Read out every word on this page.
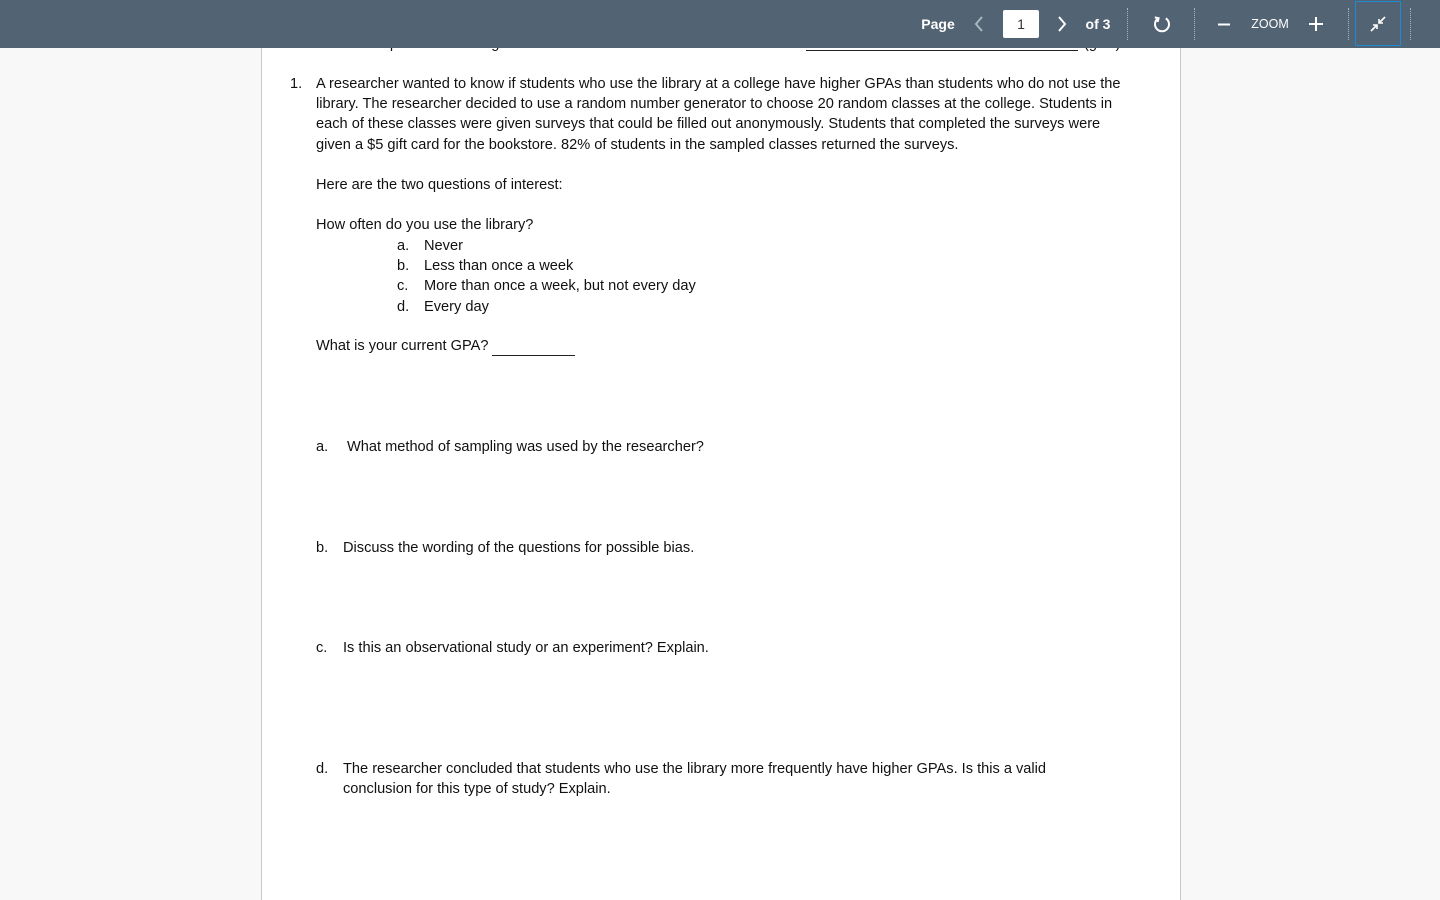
1. A researcher wanted to know if students who use the library at a college have higher GPAs than students who do not use the library. The researcher decided to use a random number generator to choose 20 random classes at the college. Students in each of these classes were given surveys that could be filled out anonymously. Students that completed the surveys were given a $5 gift card for the bookstore. 82% of students in the sampled classes returned the surveys.

Here are the two questions of interest:
How often do you use the library?
a.	Never
b.	Less than once a week
c.	More than once a week, but not every day
d.	Every day
What is your current GPA?
a.	What method of sampling was used by the researcher?
b.	Discuss the wording of the questions for possible bias.
c.	Is this an observational study or an experiment? Explain.
d.	The researcher concluded that students who use the library more frequently have higher GPAs. Is this a valid conclusion for this type of study? Explain.
Page
1	of 3	ZOOM
